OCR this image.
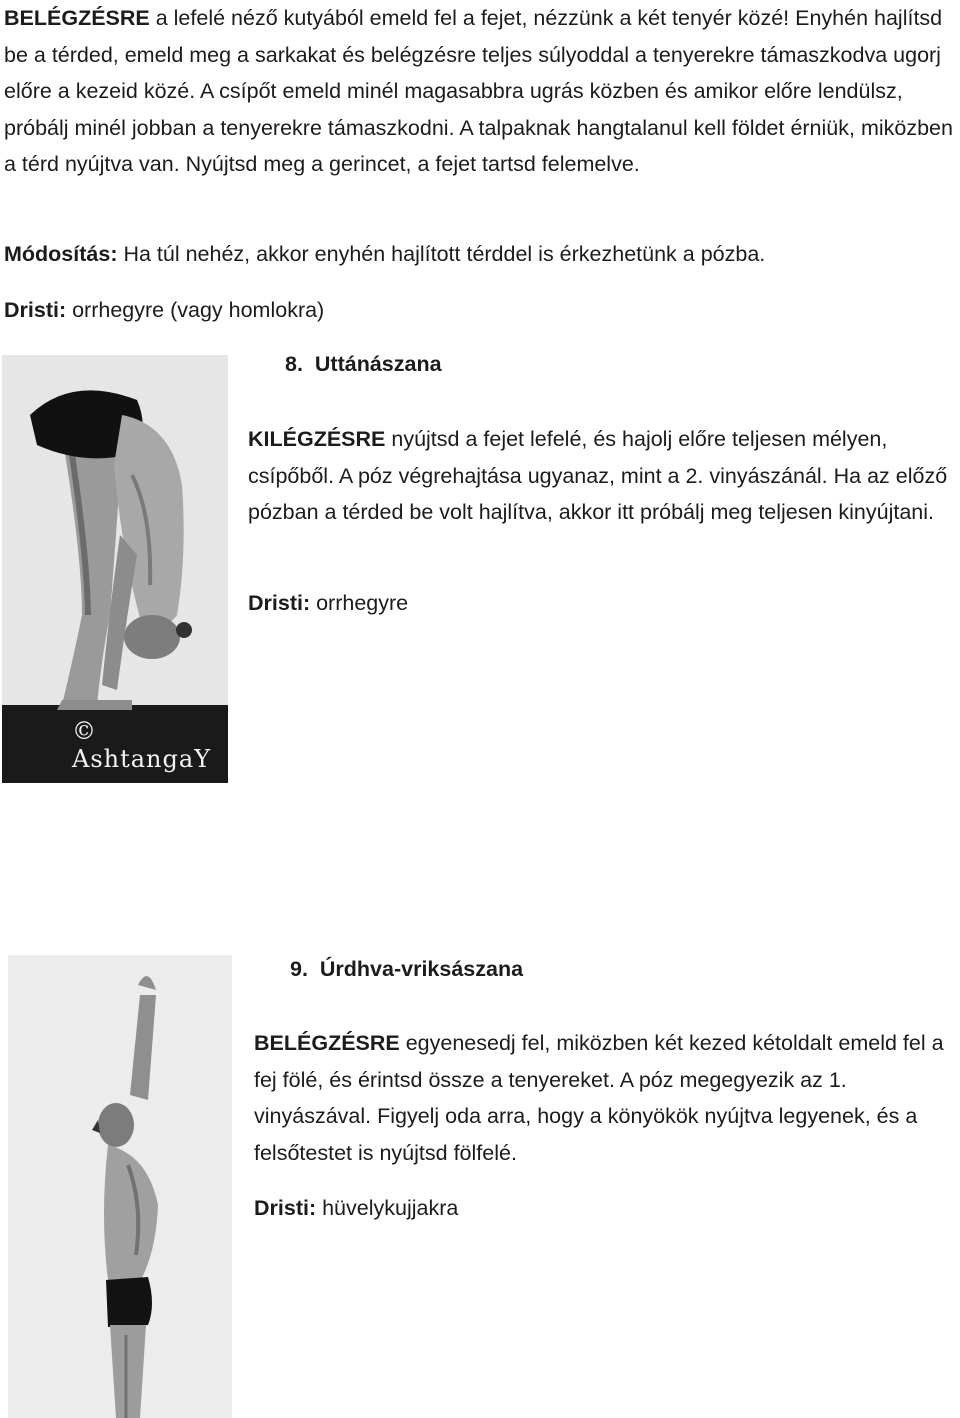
BELÉGZÉSRE a lefelé néző kutyából emeld fel a fejet, nézzünk a két tenyér közé! Enyhén hajlítsd be a térded, emeld meg a sarkakat és belégzésre teljes súlyoddal a tenyerekre támaszkodva ugorj előre a kezeid közé. A csípőt emeld minél magasabbra ugrás közben és amikor előre lendülsz, próbálj minél jobban a tenyerekre támaszkodni. A talpaknak hangtalanul kell földet érniük, miközben a térd nyújtva van. Nyújtsd meg a gerincet, a fejet tartsd felemelve.

Módosítás: Ha túl nehéz, akkor enyhén hajlított térddel is érkezhetünk a pózba.

Dristi: orrhegyre (vagy homlokra)

© AshtangaY
8. Uttánászana

KILÉGZÉSRE nyújtsd a fejet lefelé, és hajolj előre teljesen mélyen, csípőből. A póz végrehajtása ugyanaz, mint a 2. vinyászánál. Ha az előző pózban a térded be volt hajlítva, akkor itt próbálj meg teljesen kinyújtani.

Dristi: orrhegyre

9. Úrdhva-vriksászana

BELÉGZÉSRE egyenesedj fel, miközben két kezed kétoldalt emeld fel a fej fölé, és érintsd össze a tenyereket. A póz megegyezik az 1. vinyászával. Figyelj oda arra, hogy a könyökök nyújtva legyenek, és a felsőtestet is nyújtsd fölfelé.

Dristi: hüvelykujjakra
